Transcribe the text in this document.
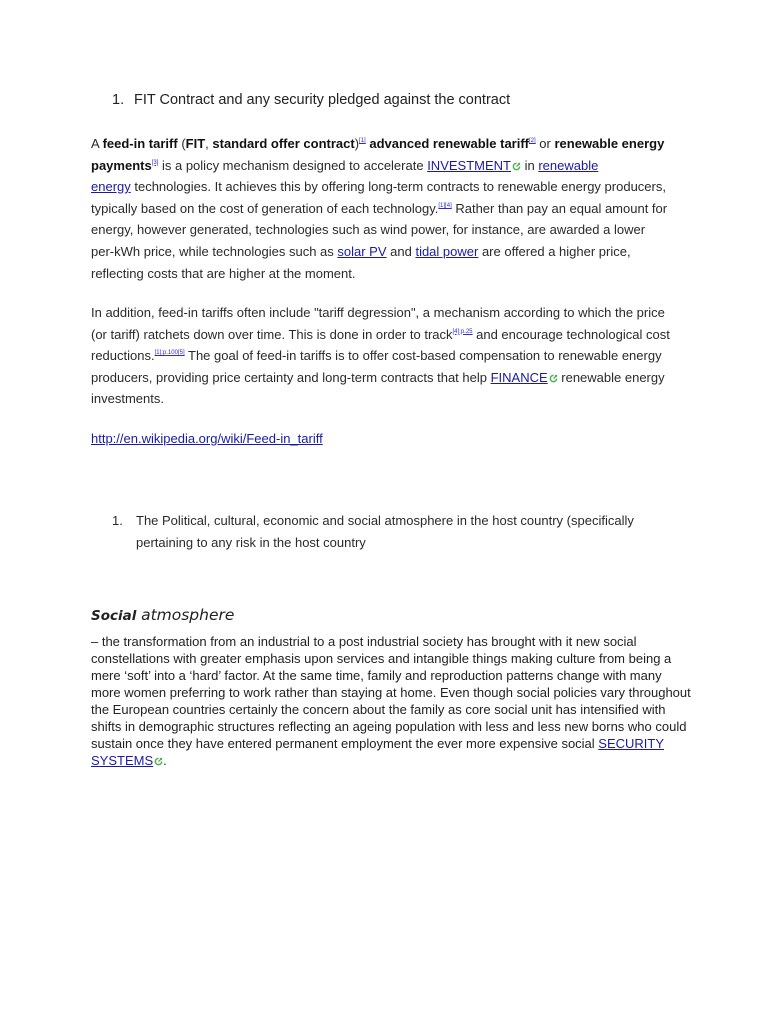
1. FIT Contract and any security pledged against the contract
A feed-in tariff (FIT, standard offer contract)[1] advanced renewable tariff[2] or renewable energy
payments[3] is a policy mechanism designed to accelerate INVESTMENT in renewable
energy technologies. It achieves this by offering long-term contracts to renewable energy producers,
typically based on the cost of generation of each technology.[1][4] Rather than pay an equal amount for
energy, however generated, technologies such as wind power, for instance, are awarded a lower
per-kWh price, while technologies such as solar PV and tidal power are offered a higher price,
reflecting costs that are higher at the moment.
In addition, feed-in tariffs often include "tariff degression", a mechanism according to which the price
(or tariff) ratchets down over time. This is done in order to track$^{[4]:p.25}$ and encourage technological cost
reductions.[1]:p.100[5] The goal of feed-in tariffs is to offer cost-based compensation to renewable energy
producers, providing price certainty and long-term contracts that help FINANCE renewable energy
investments.
http://en.wikipedia.org/wiki/Feed-in_tariff
1. The Political, cultural, economic and social atmosphere in the host country (specifically pertaining to any risk in the host country
Social atmosphere
– the transformation from an industrial to a post industrial society has brought with it new social constellations with greater emphasis upon services and intangible things making culture from being a mere ‘soft’ into a ‘hard’ factor. At the same time, family and reproduction patterns change with many more women preferring to work rather than staying at home. Even though social policies vary throughout the European countries certainly the concern about the family as core social unit has intensified with shifts in demographic structures reflecting an ageing population with less and less new borns who could sustain once they have entered permanent employment the ever more expensive social SECURITY SYSTEMS .
